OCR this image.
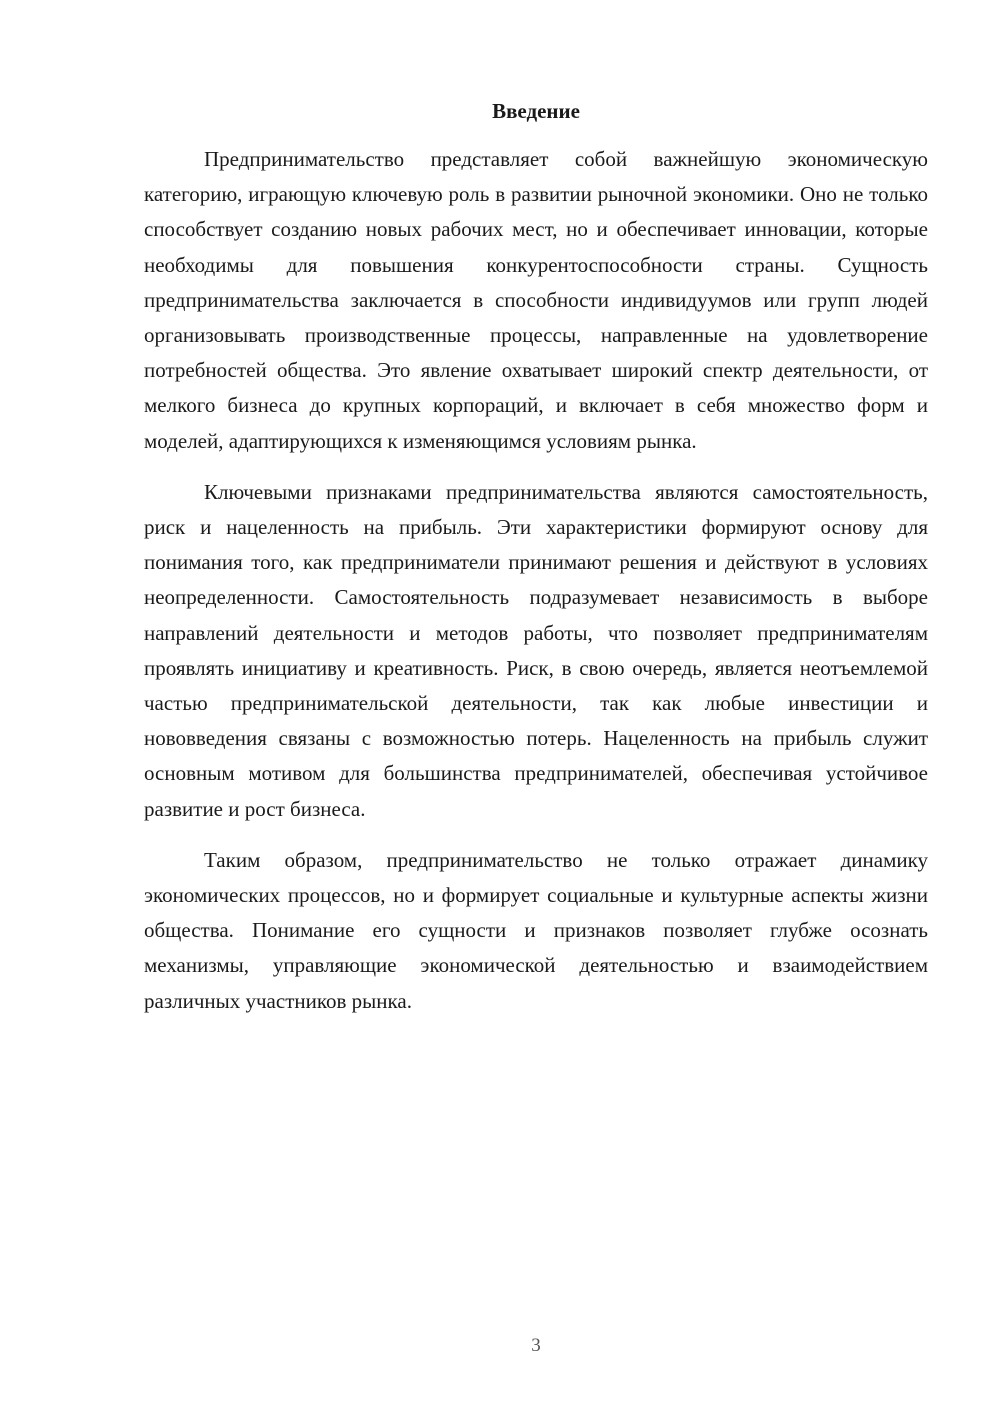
Введение

Предпринимательство представляет собой важнейшую экономическую категорию, играющую ключевую роль в развитии рыночной экономики. Оно не только способствует созданию новых рабочих мест, но и обеспечивает инновации, которые необходимы для повышения конкурентоспособности страны. Сущность предпринимательства заключается в способности индивидуумов или групп людей организовывать производственные процессы, направленные на удовлетворение потребностей общества. Это явление охватывает широкий спектр деятельности, от мелкого бизнеса до крупных корпораций, и включает в себя множество форм и моделей, адаптирующихся к изменяющимся условиям рынка.

Ключевыми признаками предпринимательства являются самостоятельность, риск и нацеленность на прибыль. Эти характеристики формируют основу для понимания того, как предприниматели принимают решения и действуют в условиях неопределенности. Самостоятельность подразумевает независимость в выборе направлений деятельности и методов работы, что позволяет предпринимателям проявлять инициативу и креативность. Риск, в свою очередь, является неотъемлемой частью предпринимательской деятельности, так как любые инвестиции и нововведения связаны с возможностью потерь. Нацеленность на прибыль служит основным мотивом для большинства предпринимателей, обеспечивая устойчивое развитие и рост бизнеса.

Таким образом, предпринимательство не только отражает динамику экономических процессов, но и формирует социальные и культурные аспекты жизни общества. Понимание его сущности и признаков позволяет глубже осознать механизмы, управляющие экономической деятельностью и взаимодействием различных участников рынка.

3
